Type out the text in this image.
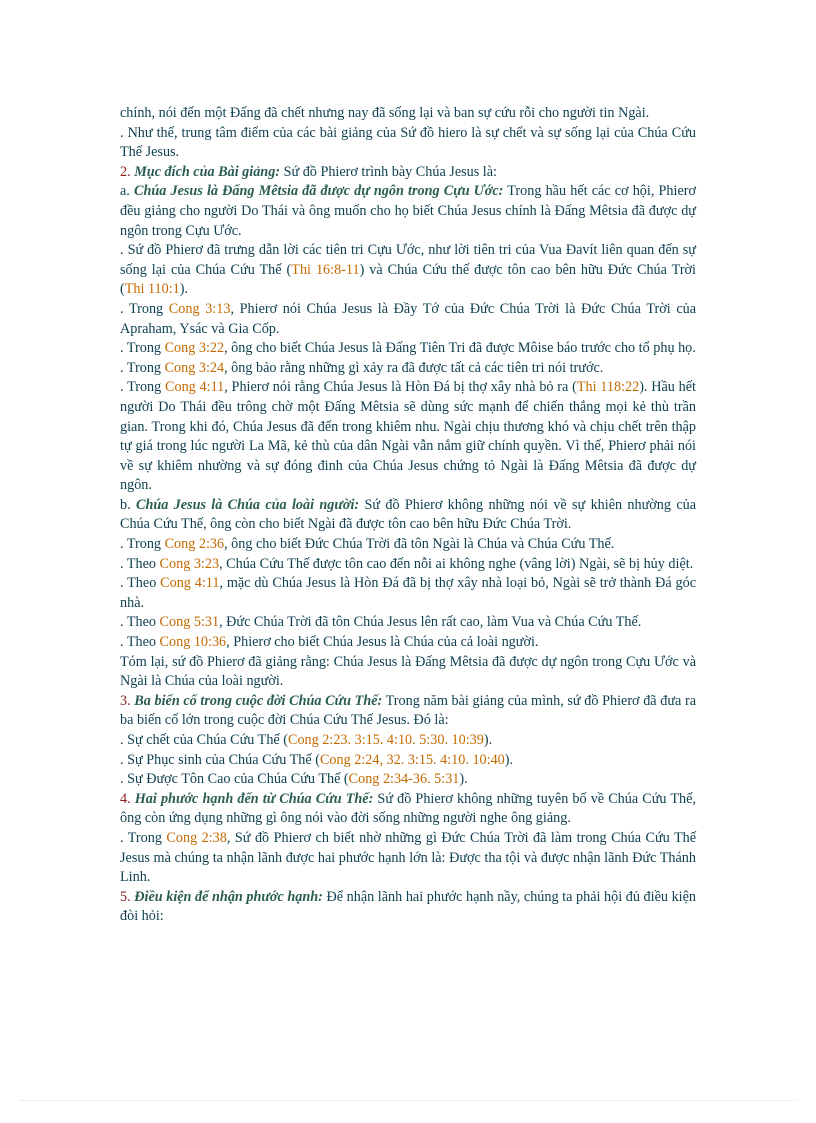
chính, nói đến một Đấng đã chết nhưng nay đã sống lại và ban sự cứu rỗi cho người tin Ngài.

. Như thế, trung tâm điểm của các bài giảng của Sứ đồ hiero là sự chết và sự sống lại của Chúa Cứu Thế Jesus.

2. Mục đích của Bài giảng: Sứ đồ Phierơ trình bày Chúa Jesus là:

a. Chúa Jesus là Đấng Mêtsia đã được dự ngôn trong Cựu Ước: Trong hầu hết các cơ hội, Phierơ đều giảng cho người Do Thái và ông muốn cho họ biết Chúa Jesus chính là Đấng Mêtsia đã được dự ngôn trong Cựu Ước.

. Sứ đồ Phierơ đã trưng dẫn lời các tiên tri Cựu Ước, như lời tiên tri của Vua Đavít liên quan đến sự sống lại của Chúa Cứu Thế (Thi 16:8-11) và Chúa Cứu thế được tôn cao bên hữu Đức Chúa Trời (Thi 110:1).

. Trong Cong 3:13, Phierơ nói Chúa Jesus là Đầy Tớ của Đức Chúa Trời là Đức Chúa Trời của Apraham, Ysác và Gia Cốp.

. Trong Cong 3:22, ông cho biết Chúa Jesus là Đấng Tiên Tri đã được Môise báo trước cho tổ phụ họ.

. Trong Cong 3:24, ông bảo rằng những gì xảy ra đã được tất cả các tiên tri nói trước.

. Trong Cong 4:11, Phierơ nói rằng Chúa Jesus là Hòn Đá bị thợ xây nhà bỏ ra (Thi 118:22). Hầu hết người Do Thái đều trông chờ một Đấng Mêtsia sẽ dùng sức mạnh để chiến thắng mọi kẻ thù trần gian. Trong khi đó, Chúa Jesus đã đến trong khiêm nhu. Ngài chịu thương khó và chịu chết trên thập tự giá trong lúc người La Mã, kẻ thù của dân Ngài vẫn nắm giữ chính quyền. Vì thế, Phierơ phải nói về sự khiêm nhường và sự đóng đinh của Chúa Jesus chứng tỏ Ngài là Đấng Mêtsia đã được dự ngôn.

b. Chúa Jesus là Chúa của loài người: Sứ đồ Phierơ không những nói về sự khiên nhường của Chúa Cứu Thế, ông còn cho biết Ngài đã được tôn cao bên hữu Đức Chúa Trời.

. Trong Cong 2:36, ông cho biết Đức Chúa Trời đã tôn Ngài là Chúa và Chúa Cứu Thế.

. Theo Cong 3:23, Chúa Cứu Thế được tôn cao đến nỗi ai không nghe (vâng lời) Ngài, sẽ bị hủy diệt.

. Theo Cong 4:11, mặc dù Chúa Jesus là Hòn Đá đã bị thợ xây nhà loại bỏ, Ngài sẽ trở thành Đá góc nhà.

. Theo Cong 5:31, Đức Chúa Trời đã tôn Chúa Jesus lên rất cao, làm Vua và Chúa Cứu Thế.

. Theo Cong 10:36, Phierơ cho biết Chúa Jesus là Chúa của cả loài người.

Tóm lại, sứ đồ Phierơ đã giảng rằng: Chúa Jesus là Đấng Mêtsia đã được dự ngôn trong Cựu Ước và Ngài là Chúa của loài người.

3. Ba biến cố trong cuộc đời Chúa Cứu Thế: Trong năm bài giảng của mình, sứ đồ Phierơ đã đưa ra ba biến cố lớn trong cuộc đời Chúa Cứu Thế Jesus. Đó là:

. Sự chết của Chúa Cứu Thế (Cong 2:23. 3:15. 4:10. 5:30. 10:39).

. Sự Phục sinh của Chúa Cứu Thế (Cong 2:24, 32. 3:15. 4:10. 10:40).

. Sự Được Tôn Cao của Chúa Cứu Thế (Cong 2:34-36. 5:31).

4. Hai phước hạnh đến từ Chúa Cứu Thế: Sứ đồ Phierơ không những tuyên bố về Chúa Cứu Thế, ông còn ứng dụng những gì ông nói vào đời sống những người nghe ông giảng.

. Trong Cong 2:38, Sứ đồ Phierơ ch biết nhờ những gì Đức Chúa Trời đã làm trong Chúa Cứu Thế Jesus mà chúng ta nhận lãnh được hai phước hạnh lớn là: Được tha tội và được nhận lãnh Đức Thánh Linh.

5. Điều kiện để nhận phước hạnh: Để nhận lãnh hai phước hạnh nầy, chúng ta phải hội đủ điều kiện đòi hỏi:
